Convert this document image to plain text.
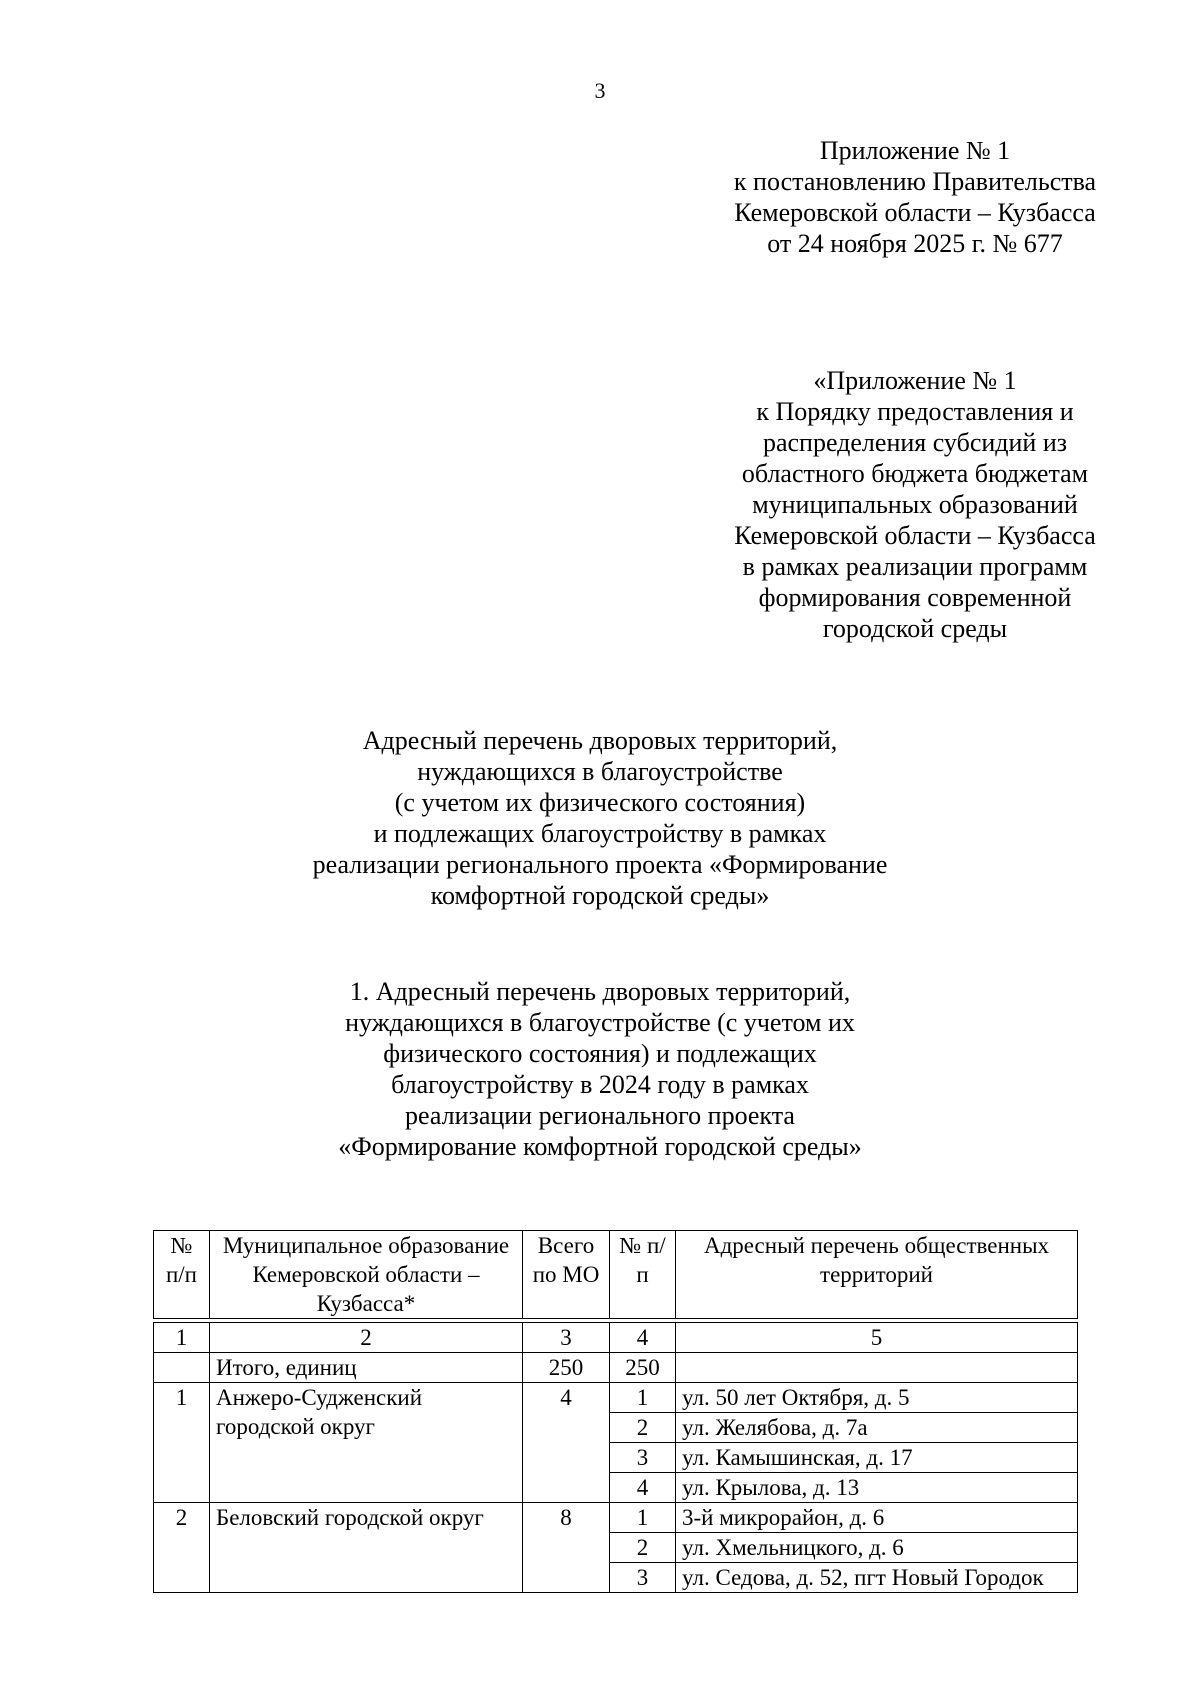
3
Приложение № 1
к постановлению Правительства
Кемеровской области – Кузбасса
от 24 ноября 2025 г. № 677
«Приложение № 1
к Порядку предоставления и
распределения субсидий из
областного бюджета бюджетам
муниципальных образований
Кемеровской области – Кузбасса
в рамках реализации программ
формирования современной
городской среды
Адресный перечень дворовых территорий,
нуждающихся в благоустройстве
(с учетом их физического состояния)
и подлежащих благоустройству в рамках
реализации регионального проекта «Формирование
комфортной городской среды»
1. Адресный перечень дворовых территорий,
нуждающихся в благоустройстве (с учетом их
физического состояния) и подлежащих
благоустройству в 2024 году в рамках
реализации регионального проекта
«Формирование комфортной городской среды»
№ п/п	Муниципальное образование Кемеровской области – Кузбасса*	Всего по МО	№ п/п	Адресный перечень общественных территорий

1	2	3	4	5
	Итого, единиц	250	250	
1	Анжеро-Судженский городской округ	4	1	ул. 50 лет Октября, д. 5
			2	ул. Желябова, д. 7а
			3	ул. Камышинская, д. 17
			4	ул. Крылова, д. 13
2	Беловский городской округ	8	1	3-й микрорайон, д. 6
			2	ул. Хмельницкого, д. 6
			3	ул. Седова, д. 52, пгт Новый Городок
